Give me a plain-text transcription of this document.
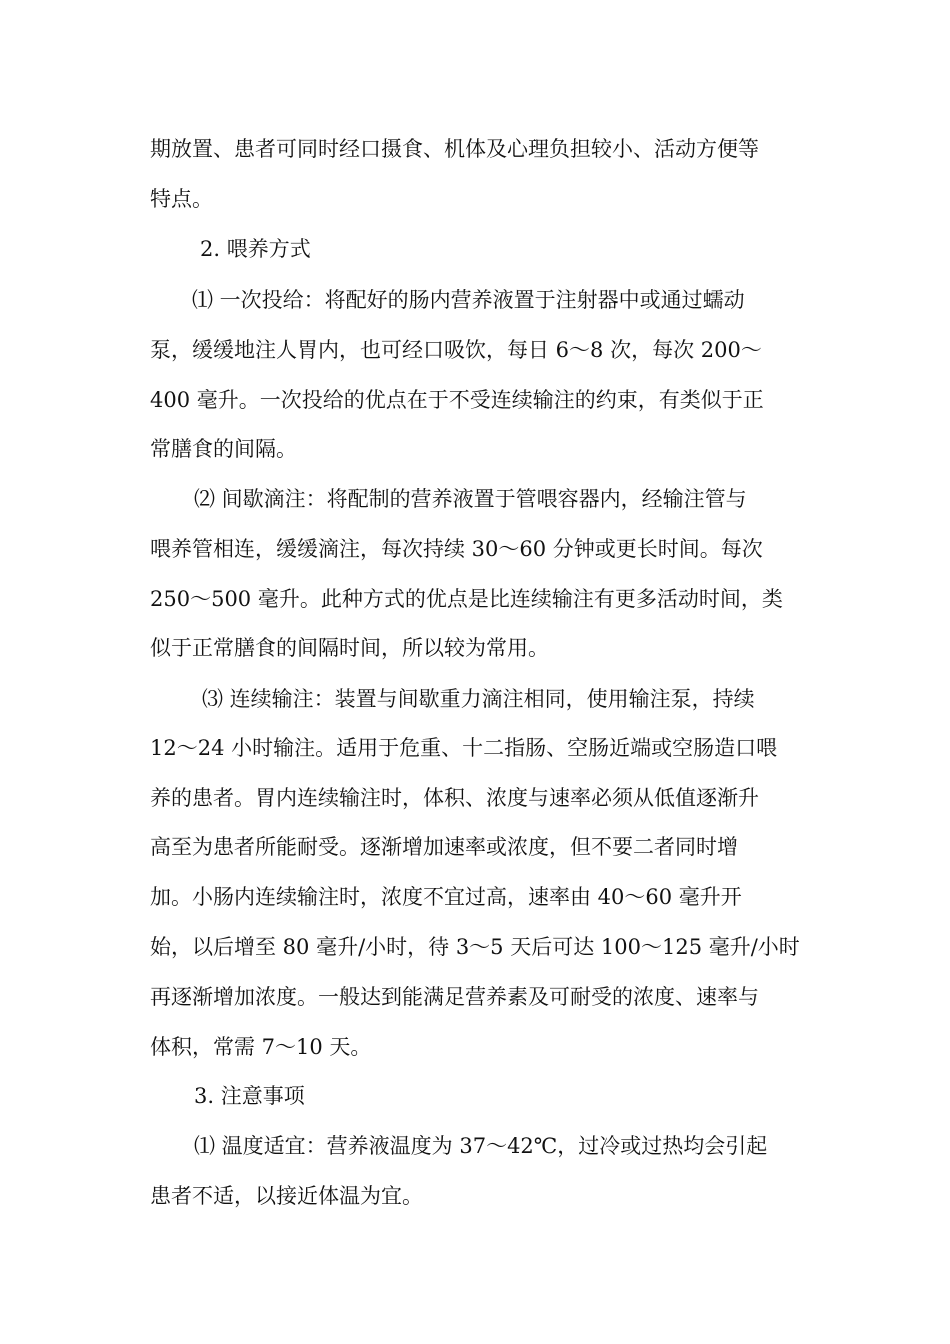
期放置、患者可同时经口摄食、机体及心理负担较小、活动方便等
特点。
2. 喂养方式
⑴ 一次投给：将配好的肠内营养液置于注射器中或通过蠕动
泵，缓缓地注人胃内，也可经口吸饮，每日 6～8 次，每次 200～
400 毫升。一次投给的优点在于不受连续输注的约束，有类似于正
常膳食的间隔。
⑵ 间歇滴注：将配制的营养液置于管喂容器内，经输注管与
喂养管相连，缓缓滴注，每次持续 30～60 分钟或更长时间。每次
250～500 毫升。此种方式的优点是比连续输注有更多活动时间，类
似于正常膳食的间隔时间，所以较为常用。
⑶ 连续输注：装置与间歇重力滴注相同，使用输注泵，持续
12～24 小时输注。适用于危重、十二指肠、空肠近端或空肠造口喂
养的患者。胃内连续输注时，体积、浓度与速率必须从低值逐渐升
高至为患者所能耐受。逐渐增加速率或浓度，但不要二者同时增
加。小肠内连续输注时，浓度不宜过高，速率由 40～60 毫升开
始，以后增至 80 毫升/小时，待 3～5 天后可达 100～125 毫升/小时
再逐渐增加浓度。一般达到能满足营养素及可耐受的浓度、速率与
体积，常需 7～10 天。
3. 注意事项
⑴ 温度适宜：营养液温度为 37～42℃，过冷或过热均会引起
患者不适，以接近体温为宜。
